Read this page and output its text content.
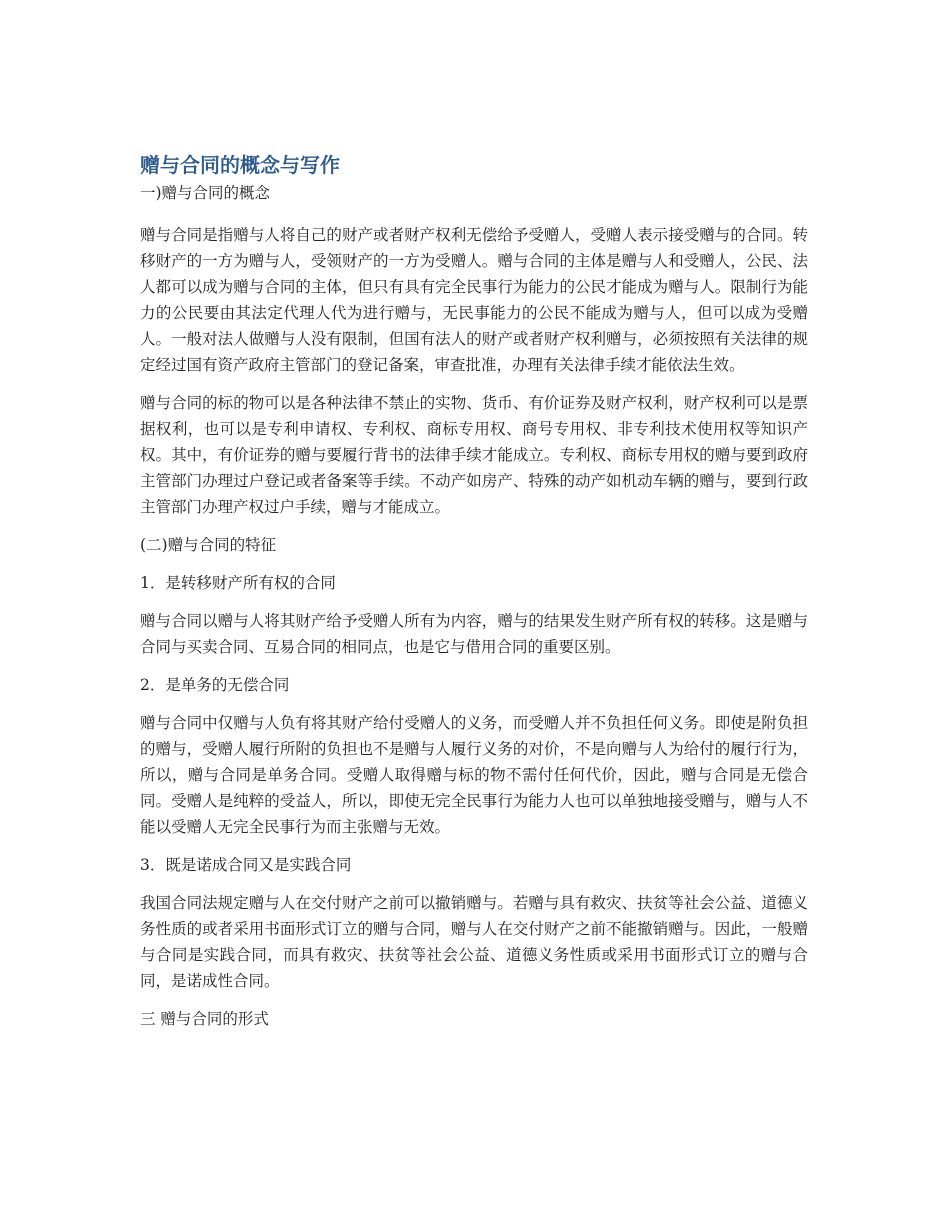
赠与合同的概念与写作

一)赠与合同的概念

赠与合同是指赠与人将自己的财产或者财产权利无偿给予受赠人，受赠人表示接受赠与的合同。转移财产的一方为赠与人，受领财产的一方为受赠人。赠与合同的主体是赠与人和受赠人，公民、法人都可以成为赠与合同的主体，但只有具有完全民事行为能力的公民才能成为赠与人。限制行为能力的公民要由其法定代理人代为进行赠与，无民事能力的公民不能成为赠与人，但可以成为受赠人。一般对法人做赠与人没有限制，但国有法人的财产或者财产权利赠与，必须按照有关法律的规定经过国有资产政府主管部门的登记备案，审查批准，办理有关法律手续才能依法生效。

赠与合同的标的物可以是各种法律不禁止的实物、货币、有价证券及财产权利，财产权利可以是票据权利，也可以是专利申请权、专利权、商标专用权、商号专用权、非专利技术使用权等知识产权。其中，有价证券的赠与要履行背书的法律手续才能成立。专利权、商标专用权的赠与要到政府主管部门办理过户登记或者备案等手续。不动产如房产、特殊的动产如机动车辆的赠与，要到行政主管部门办理产权过户手续，赠与才能成立。

(二)赠与合同的特征

1．是转移财产所有权的合同

赠与合同以赠与人将其财产给予受赠人所有为内容，赠与的结果发生财产所有权的转移。这是赠与合同与买卖合同、互易合同的相同点，也是它与借用合同的重要区别。

2．是单务的无偿合同

赠与合同中仅赠与人负有将其财产给付受赠人的义务，而受赠人并不负担任何义务。即使是附负担的赠与，受赠人履行所附的负担也不是赠与人履行义务的对价，不是向赠与人为给付的履行行为，所以，赠与合同是单务合同。受赠人取得赠与标的物不需付任何代价，因此，赠与合同是无偿合同。受赠人是纯粹的受益人，所以，即使无完全民事行为能力人也可以单独地接受赠与，赠与人不能以受赠人无完全民事行为而主张赠与无效。

3．既是诺成合同又是实践合同

我国合同法规定赠与人在交付财产之前可以撤销赠与。若赠与具有救灾、扶贫等社会公益、道德义务性质的或者采用书面形式订立的赠与合同，赠与人在交付财产之前不能撤销赠与。因此，一般赠与合同是实践合同，而具有救灾、扶贫等社会公益、道德义务性质或采用书面形式订立的赠与合同，是诺成性合同。

三 赠与合同的形式
